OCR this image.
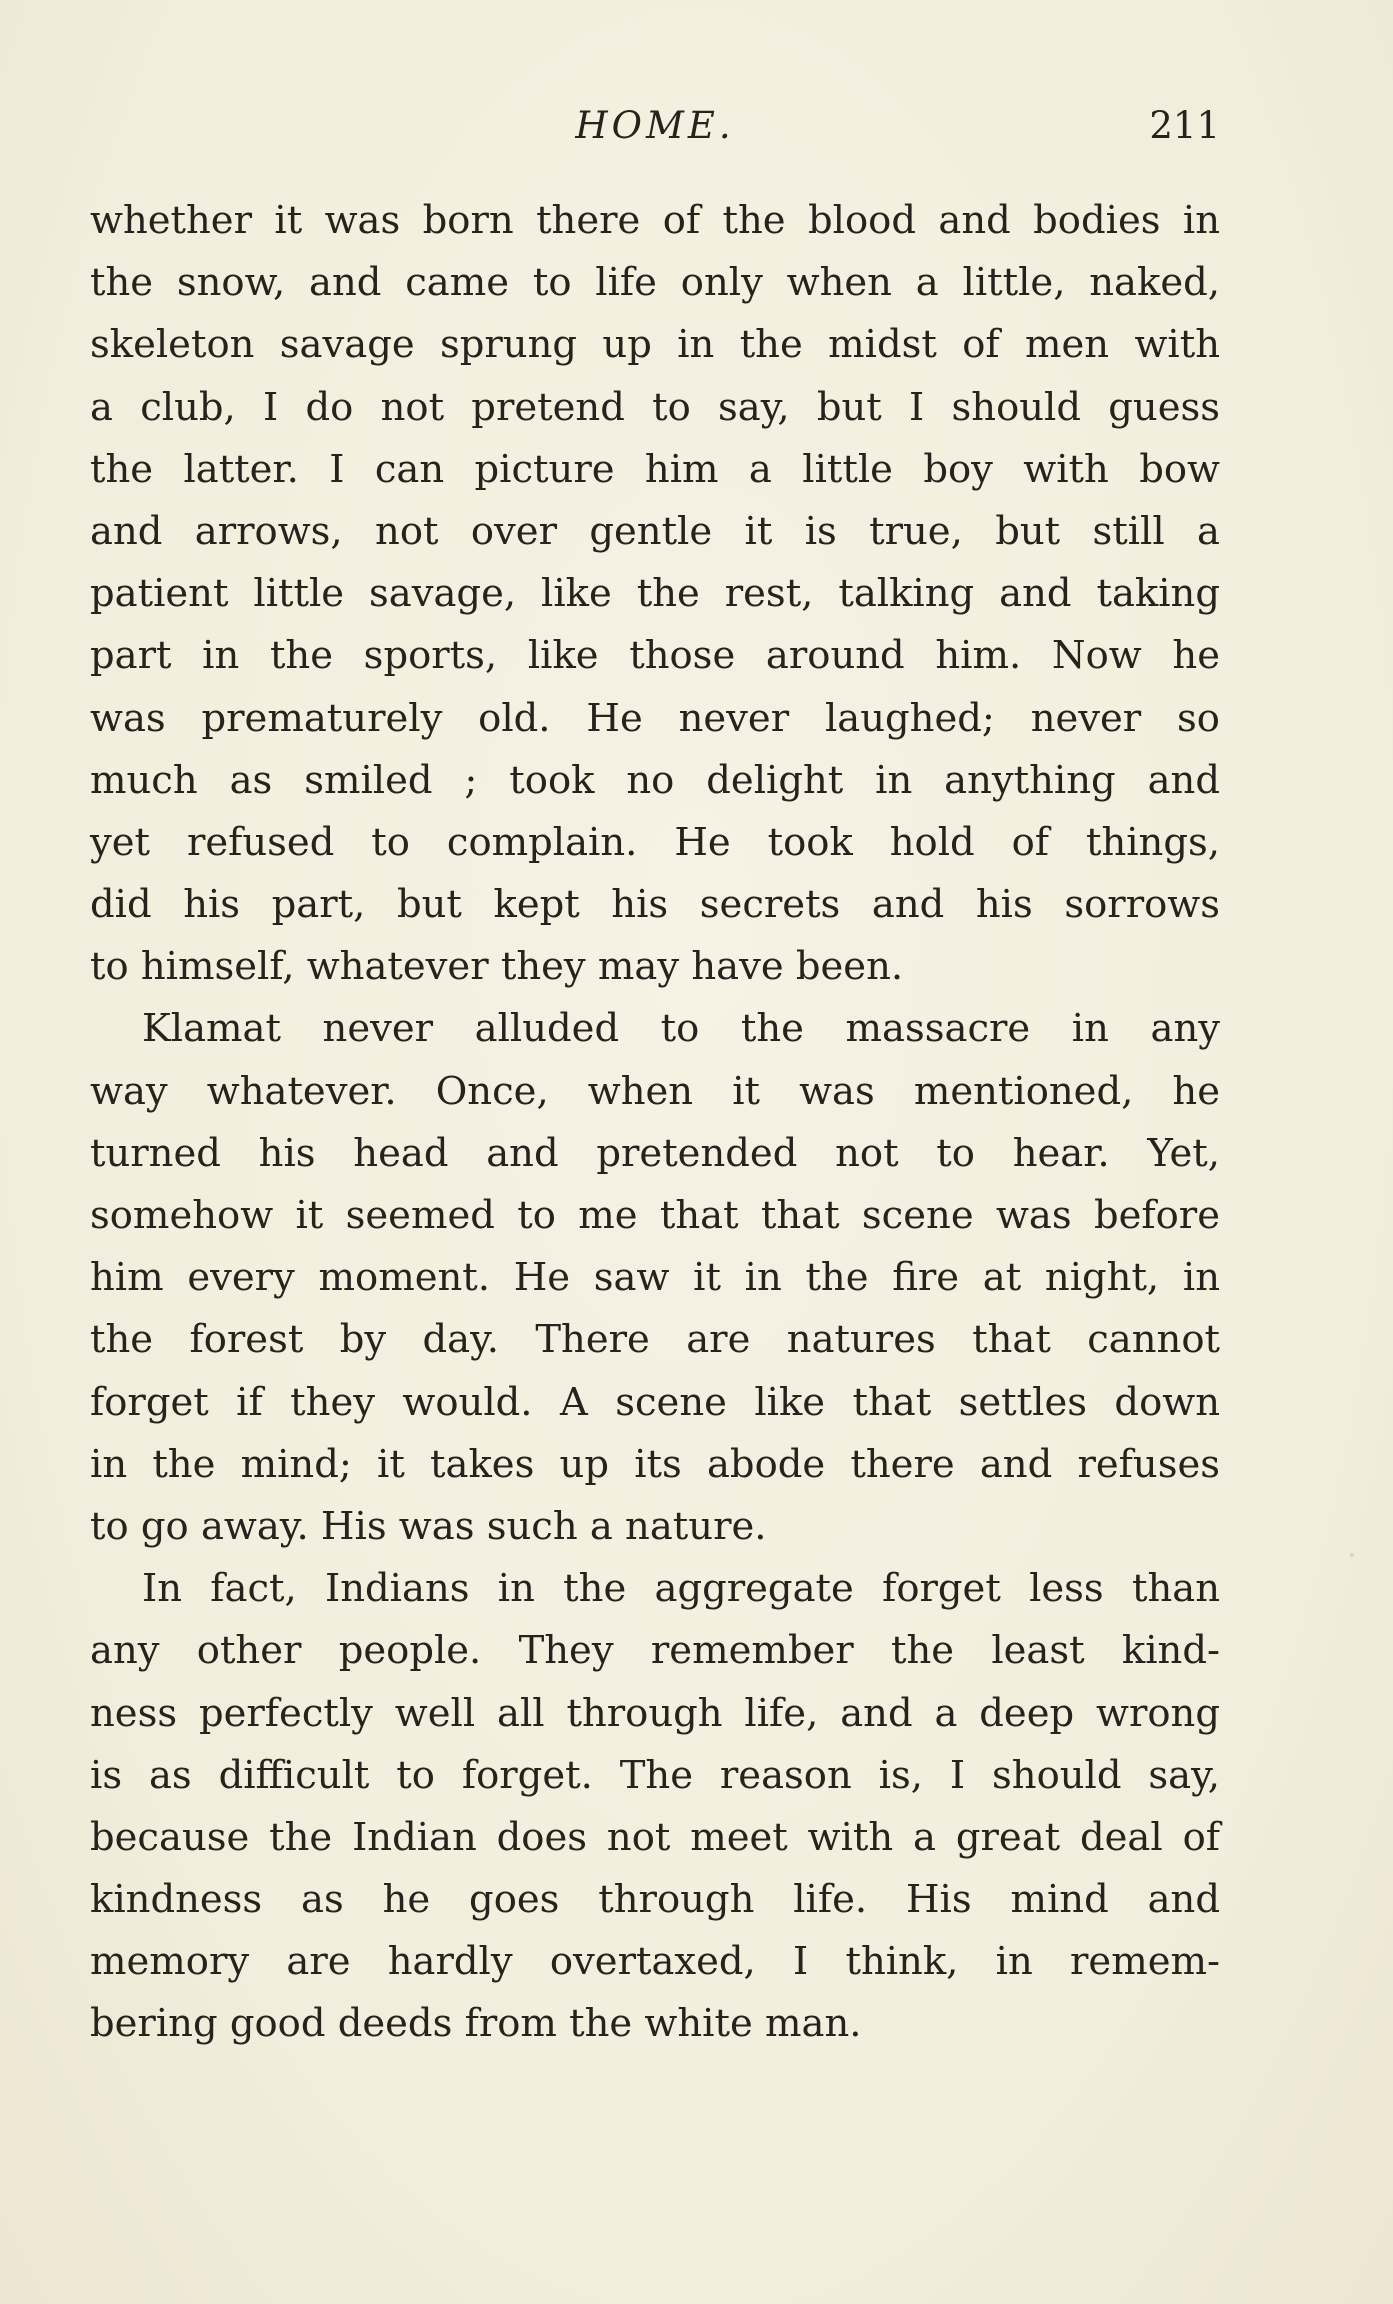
HOME.	211
whether it was born there of the blood and bodies in
the snow, and came to life only when a little, naked,
skeleton savage sprung up in the midst of men with
a club, I do not pretend to say, but I should guess
the latter. I can picture him a little boy with bow
and arrows, not over gentle it is true, but still a
patient little savage, like the rest, talking and taking
part in the sports, like those around him. Now he
was prematurely old. He never laughed; never so
much as smiled ; took no delight in anything and
yet refused to complain. He took hold of things,
did his part, but kept his secrets and his sorrows
to himself, whatever they may have been.
Klamat never alluded to the massacre in any
way whatever. Once, when it was mentioned, he
turned his head and pretended not to hear. Yet,
somehow it seemed to me that that scene was before
him every moment. He saw it in the fire at night, in
the forest by day. There are natures that cannot
forget if they would. A scene like that settles down
in the mind; it takes up its abode there and refuses
to go away. His was such a nature.
In fact, Indians in the aggregate forget less than
any other people. They remember the least kind-
ness perfectly well all through life, and a deep wrong
is as difficult to forget. The reason is, I should say,
because the Indian does not meet with a great deal of
kindness as he goes through life. His mind and
memory are hardly overtaxed, I think, in remem-
bering good deeds from the white man.
